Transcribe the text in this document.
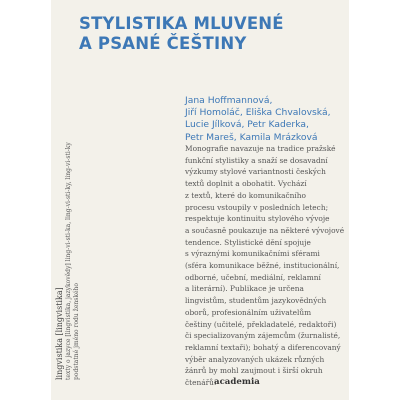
STYLISTIKA MLUVENÉ
A PSANÉ ČEŠTINY
Jana Hoffmannová,
Jiří Homoláč, Eliška Chvalovská,
Lucie Jílková, Petr Kaderka,
Petr Mareš, Kamila Mrázková
Monografie navazuje na tradice pražské
funkční stylistiky a snaží se dosavadní
výzkumy stylové variantnosti českých
textů doplnit a obohatit. Vychází
z textů, které do komunikačního
procesu vstoupily v posledních letech;
respektuje kontinuitu stylového vývoje
a současně poukazuje na některé vývojové
tendence. Stylistické dění spojuje
s výraznými komunikačními sférami
(sféra komunikace běžné, institucionální,
odborné, učební, mediální, reklamní
a literární). Publikace je určena
lingvistům, studentům jazykovědných
oborů, profesionálním uživatelům
češtiny (učitelé, překladatelé, redaktoři)
či specializovaným zájemcům (žurnalisté,
reklamní textaři); bohatý a diferencovaný
výběr analyzovaných ukázek různých
žánrů by mohl zaujmout i širší okruh
čtenářů.
lingvistika [lingvistika] texty o jazyce [lingvistika, jazykovědy] ling-vi-sti-ka, ling-vi-sti-ky, ling-vi-sti-ky podstatné jméno rodu ženského
academia
